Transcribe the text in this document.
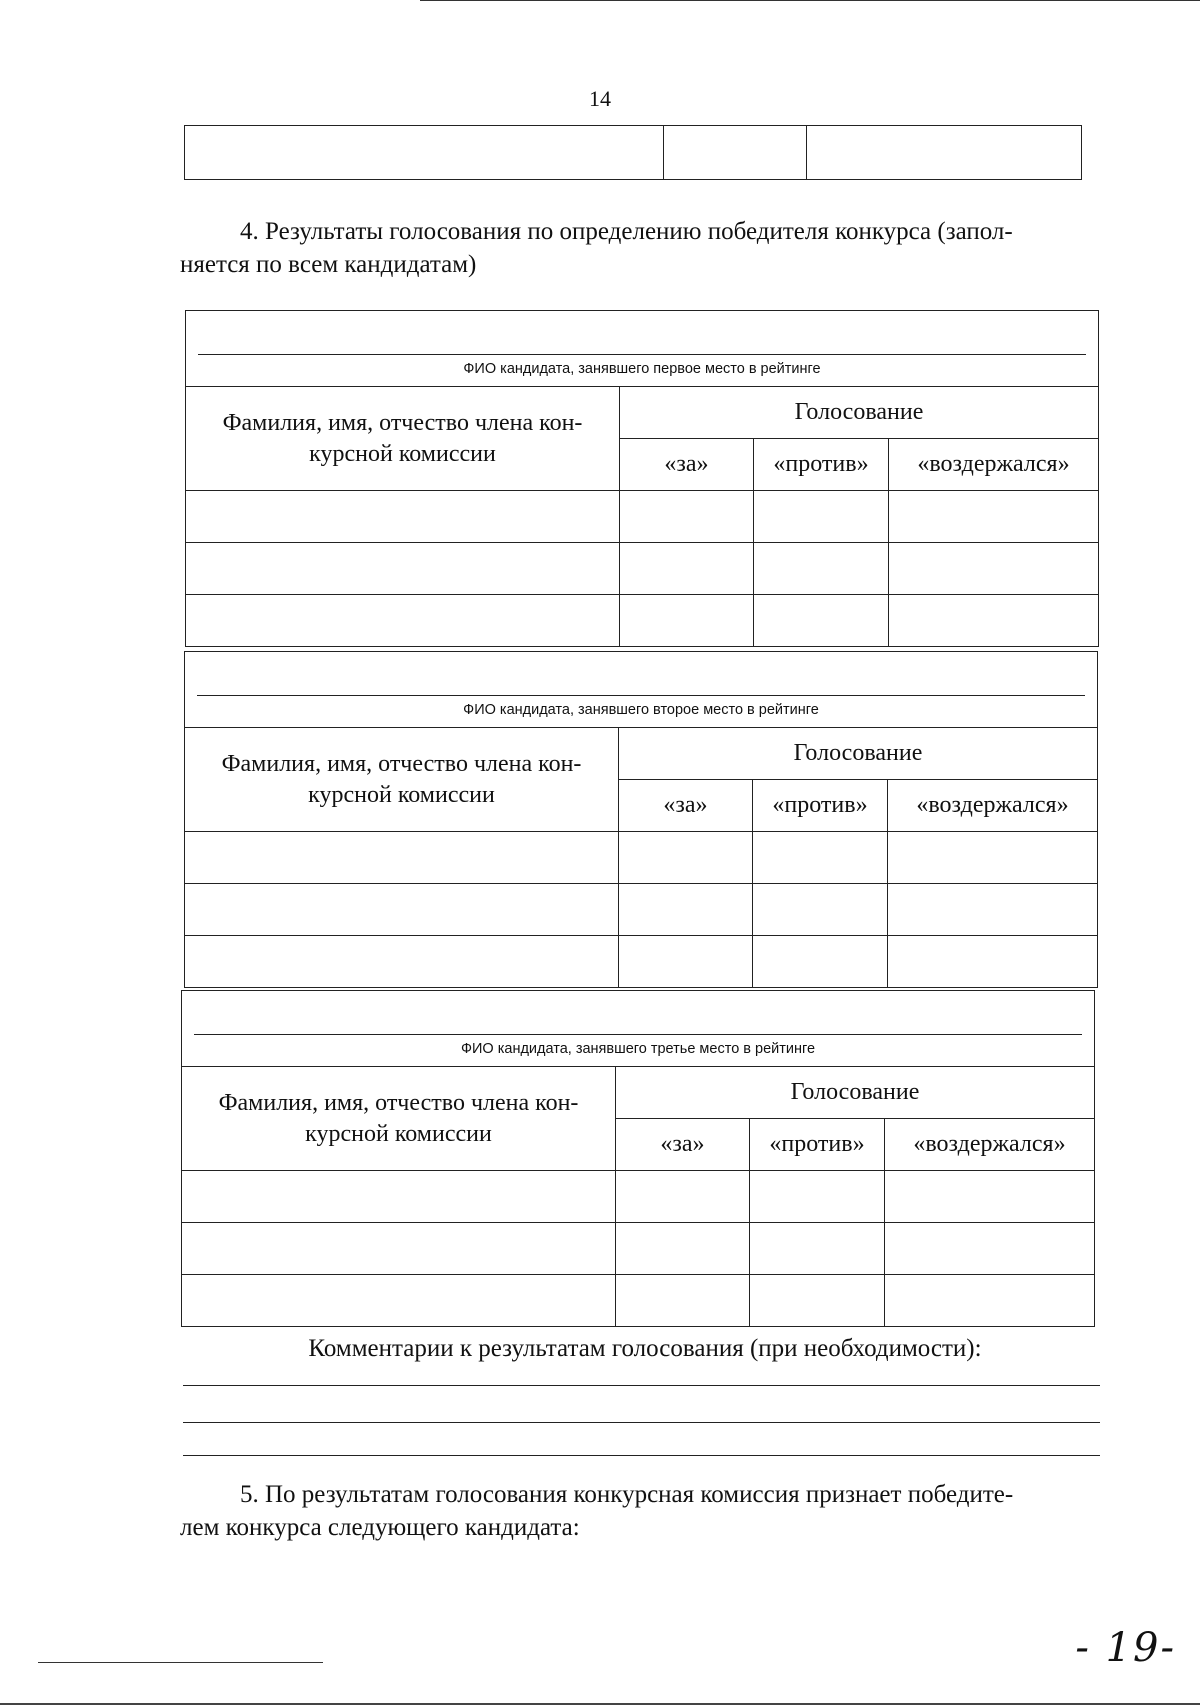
14

4. Результаты голосования по определению победителя конкурса (запол-
няется по всем кандидатам)
ФИО кандидата, занявшего первое место в рейтинге			

Фамилия, имя, отчество члена кон-
курсной комиссии	Голосование		
	«за»	«против»	«воздержался»

ФИО кандидата, занявшего второе место в рейтинге			

Фамилия, имя, отчество члена кон-
курсной комиссии	Голосование		
	«за»	«против»	«воздержался»

ФИО кандидата, занявшего третье место в рейтинге			

Фамилия, имя, отчество члена кон-
курсной комиссии	Голосование		
	«за»	«против»	«воздержался»

Комментарии к результатам голосования (при необходимости):
5. По результатам голосования конкурсная комиссия признает победите-
лем конкурса следующего кандидата:
- 19-
